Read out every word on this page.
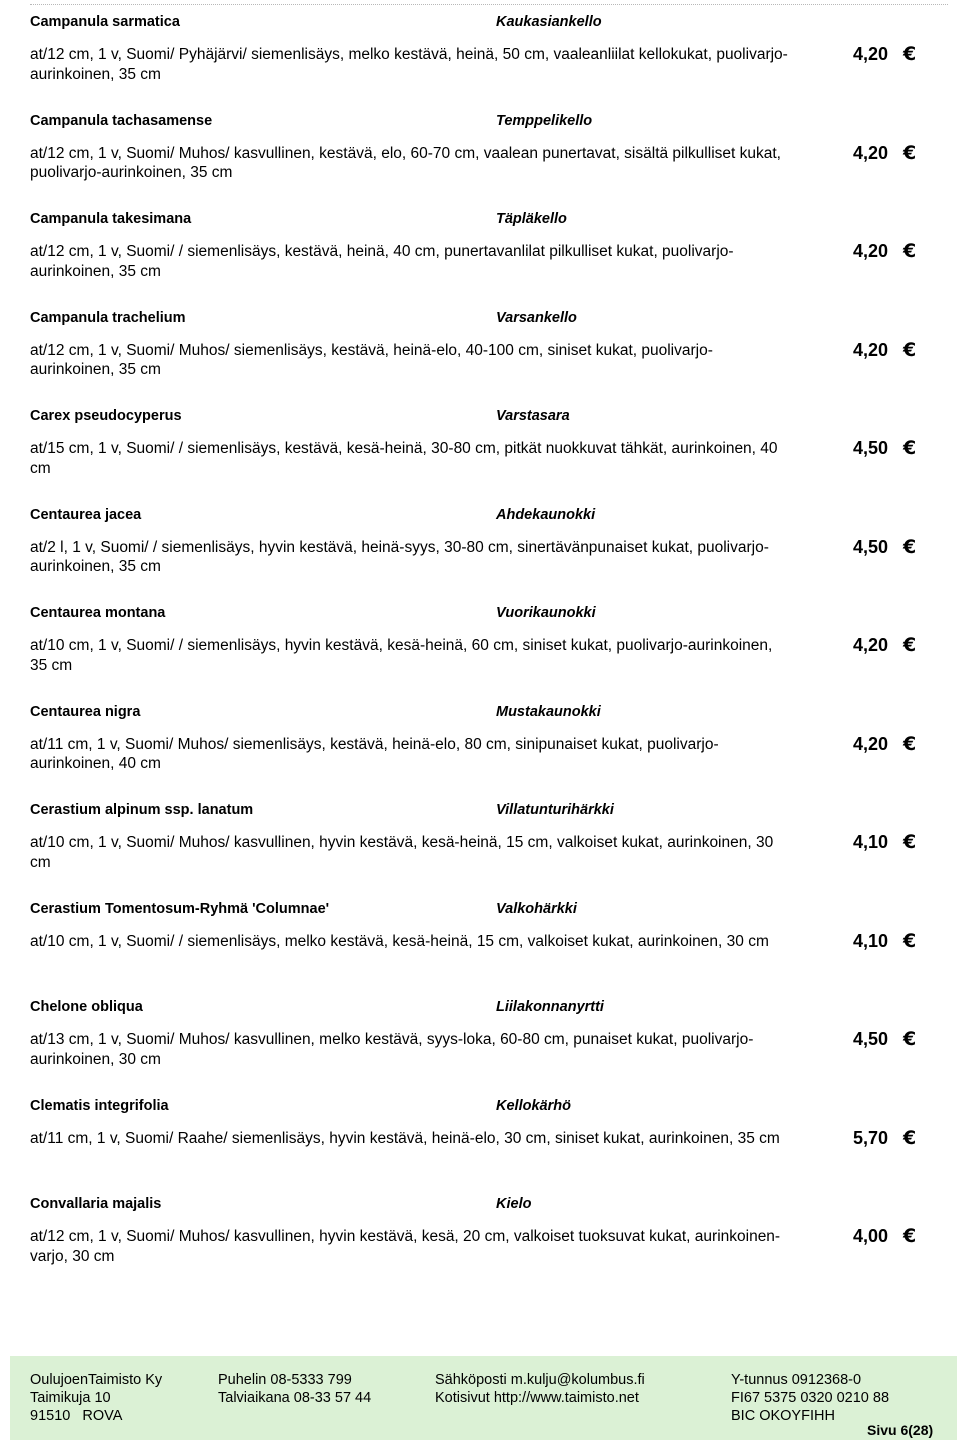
Campanula sarmatica	Kaukasiankello
at/12 cm, 1 v, Suomi/ Pyhäjärvi/ siemenlisäys, melko kestävä, heinä, 50 cm, vaaleanliilat kellokukat, puolivarjo-aurinkoinen, 35 cm
4,20 €
Campanula tachasamense	Temppelikello
at/12 cm, 1 v, Suomi/ Muhos/ kasvullinen, kestävä, elo, 60-70 cm, vaalean punertavat, sisältä pilkulliset kukat, puolivarjo-aurinkoinen, 35 cm
4,20 €
Campanula takesimana	Täpläkello
at/12 cm, 1 v, Suomi/ / siemenlisäys, kestävä, heinä, 40 cm, punertavanlilat pilkulliset kukat, puolivarjo-aurinkoinen, 35 cm
4,20 €
Campanula trachelium	Varsankello
at/12 cm, 1 v, Suomi/ Muhos/ siemenlisäys, kestävä, heinä-elo, 40-100 cm, siniset kukat, puolivarjo-aurinkoinen, 35 cm
4,20 €
Carex pseudocyperus	Varstasara
at/15 cm, 1 v, Suomi/ / siemenlisäys, kestävä, kesä-heinä, 30-80 cm, pitkät nuokkuvat tähkät, aurinkoinen, 40 cm
4,50 €
Centaurea jacea	Ahdekaunokki
at/2 l, 1 v, Suomi/ / siemenlisäys, hyvin kestävä, heinä-syys, 30-80 cm, sinertävänpunaiset kukat, puolivarjo-aurinkoinen, 35 cm
4,50 €
Centaurea montana	Vuorikaunokki
at/10 cm, 1 v, Suomi/ / siemenlisäys, hyvin kestävä, kesä-heinä, 60 cm, siniset kukat, puolivarjo-aurinkoinen, 35 cm
4,20 €
Centaurea nigra	Mustakaunokki
at/11 cm, 1 v, Suomi/ Muhos/ siemenlisäys, kestävä, heinä-elo, 80 cm, sinipunaiset kukat, puolivarjo-aurinkoinen, 40 cm
4,20 €
Cerastium alpinum ssp. lanatum	Villatunturihärkki
at/10 cm, 1 v, Suomi/ Muhos/ kasvullinen, hyvin kestävä, kesä-heinä, 15 cm, valkoiset kukat, aurinkoinen, 30 cm
4,10 €
Cerastium Tomentosum-Ryhmä 'Columnae'	Valkohärkki
at/10 cm, 1 v, Suomi/ / siemenlisäys, melko kestävä, kesä-heinä, 15 cm, valkoiset kukat, aurinkoinen, 30 cm	4,10 €
Chelone obliqua	Liilakonnanyrtti
at/13 cm, 1 v, Suomi/ Muhos/ kasvullinen, melko kestävä, syys-loka, 60-80 cm, punaiset kukat, puolivarjo-aurinkoinen, 30 cm
4,50 €
Clematis integrifolia	Kellokärhö
at/11 cm, 1 v, Suomi/ Raahe/ siemenlisäys, hyvin kestävä, heinä-elo, 30 cm, siniset kukat, aurinkoinen, 35 cm	5,70 €
Convallaria majalis	Kielo
at/12 cm, 1 v, Suomi/ Muhos/ kasvullinen, hyvin kestävä, kesä, 20 cm, valkoiset tuoksuvat kukat, aurinkoinen-varjo, 30 cm
4,00 €
OulujoenTaimisto Ky
Taimikuja 10
91510   ROVA
Puhelin 08-5333 799
Talviaikana 08-33 57 44
Sähköposti m.kulju@kolumbus.fi
Kotisivut http://www.taimisto.net
Y-tunnus 0912368-0
FI67 5375 0320 0210 88
BIC OKOYFIHH
Sivu 6(28)
